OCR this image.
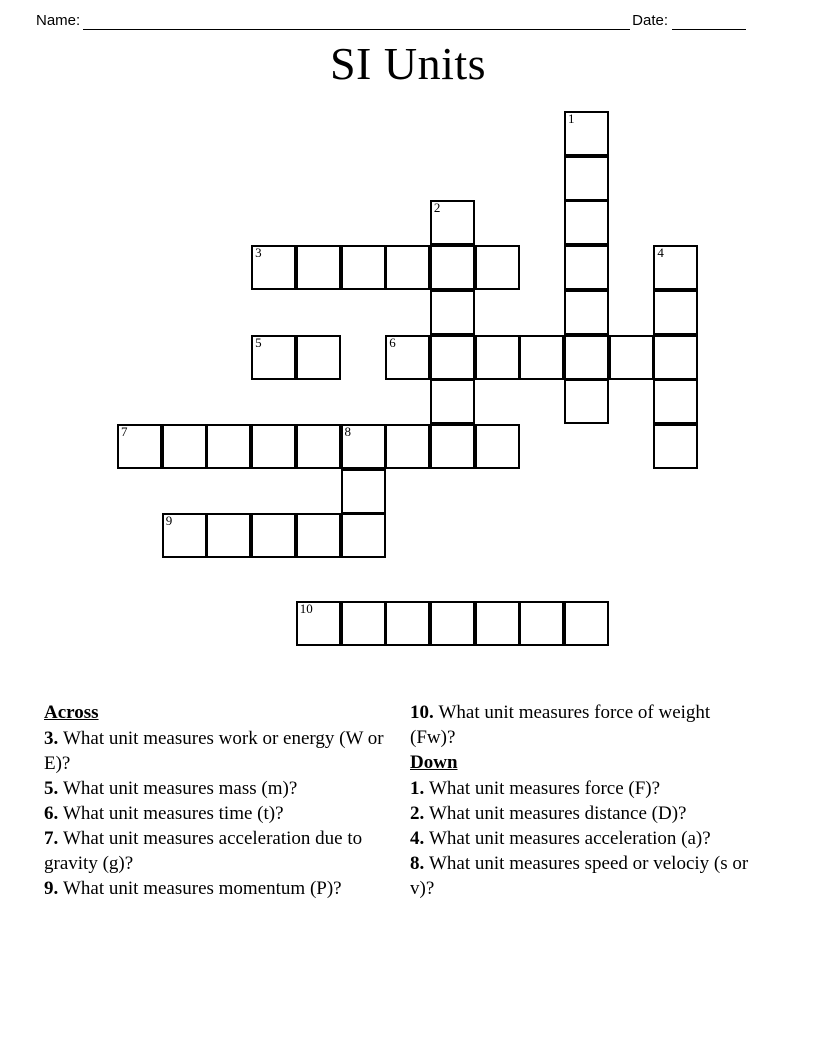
Name:	Date:
SI Units
1
2
3	4
5	6
7	8
9
10
Across
3. What unit measures work or energy (W or E)?
5. What unit measures mass (m)?
6. What unit measures time (t)?
7. What unit measures acceleration due to gravity (g)?
9. What unit measures momentum (P)?
10. What unit measures force of weight (Fw)?
Down
1. What unit measures force (F)?
2. What unit measures distance (D)?
4. What unit measures acceleration (a)?
8. What unit measures speed or velociy (s or v)?
